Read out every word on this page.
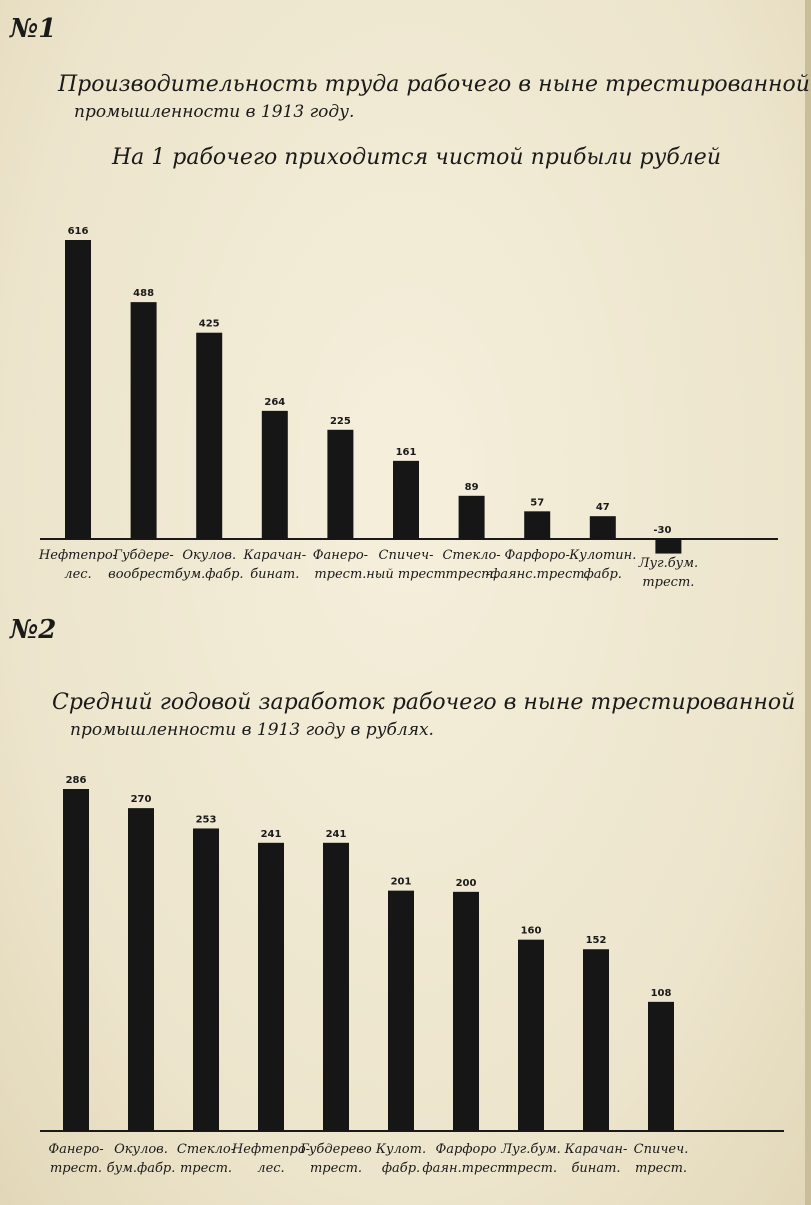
№1
Производительность труда рабочего в ныне трестированной
промышленности в 1913 году.
На 1 рабочего приходится чистой прибыли рублей
616
Нефтепро-
лес.
488
Губдере-
вообрест.
425
Окулов.
бум.фабр.
264
Карачан-
бинат.
225
Фанеро-
трест.
161
Спичеч-
ный трест
89
Стекло-
трест.
57
Фарфоро-
-фаянс.трест.
47
Кулотин.
фабр.
-30
Луг.бум.
трест.
№2
Средний годовой заработок рабочего в ныне трестированной
промышленности в 1913 году в рублях.
286
Фанеро-
трест.
270
Окулов.
бум.фабр.
253
Стекло-
трест.
241
Нефтепро-
лес.
241
Губдерево
трест.
201
Кулот.
фабр.
200
Фарфоро
фаян.трест
160
Луг.бум.
трест.
152
Карачан-
бинат.
108
Спичеч.
трест.
